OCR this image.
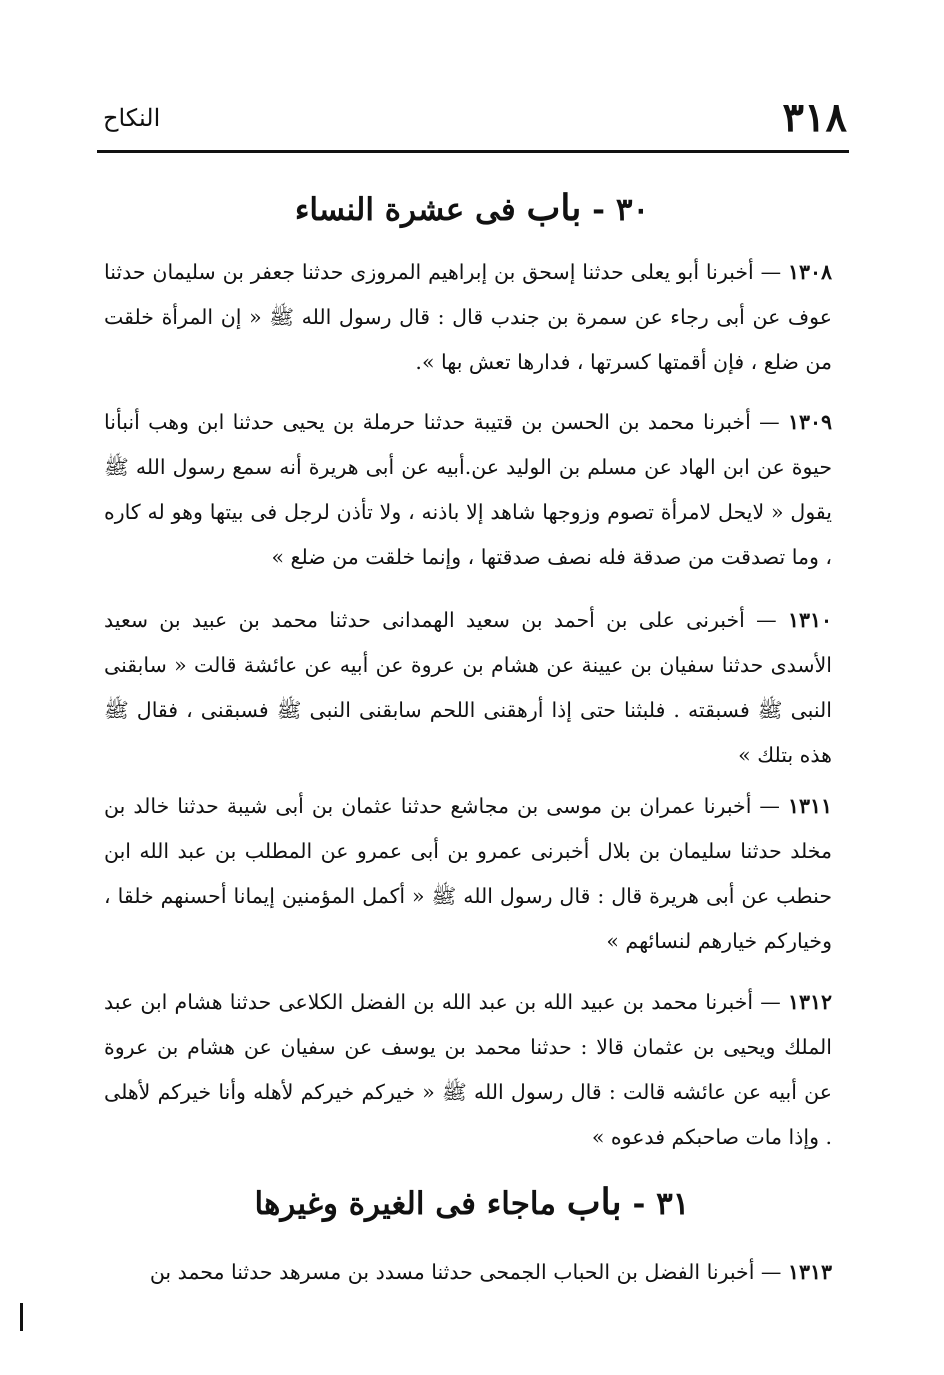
٣١٨
النكاح
٣٠ - باب فى عشرة النساء
١٣٠٨ — أخبرنا أبو يعلى حدثنا إسحق بن إبراهيم المروزى حدثنا جعفر بن سليمان حدثنا عوف عن أبى رجاء عن سمرة بن جندب قال : قال رسول الله ﷺ « إن المرأة خلقت من ضلع ، فإن أقمتها كسرتها ، فدارها تعش بها ».
١٣٠٩ — أخبرنا محمد بن الحسن بن قتيبة حدثنا حرملة بن يحيى حدثنا ابن وهب أنبأنا حيوة عن ابن الهاد عن مسلم بن الوليد عن.أبيه عن أبى هريرة أنه سمع رسول الله ﷺ يقول « لايحل لامرأة تصوم وزوجها شاهد إلا باذنه ، ولا تأذن لرجل فى بيتها وهو له كاره ، وما تصدقت من صدقة فله نصف صدقتها ، وإنما خلقت من ضلع »
١٣١٠ — أخبرنى على بن أحمد بن سعيد الهمدانى حدثنا محمد بن عبيد بن سعيد الأسدى حدثنا سفيان بن عيينة عن هشام بن عروة عن أبيه عن عائشة قالت « سابقنى النبى ﷺ فسبقته . فلبثنا حتى إذا أرهقنى اللحم سابقنى النبى ﷺ فسبقنى ، فقال ﷺ هذه بتلك »
١٣١١ — أخبرنا عمران بن موسى بن مجاشع حدثنا عثمان بن أبى شيبة حدثنا خالد بن مخلد حدثنا سليمان بن بلال أخبرنى عمرو بن أبى عمرو عن المطلب بن عبد الله ابن حنطب عن أبى هريرة قال : قال رسول الله ﷺ « أكمل المؤمنين إيمانا أحسنهم خلقا ، وخياركم خيارهم لنسائهم »
١٣١٢ — أخبرنا محمد بن عبيد الله بن عبد الله بن الفضل الكلاعى حدثنا هشام ابن عبد الملك ويحيى بن عثمان قالا : حدثنا محمد بن يوسف عن سفيان عن هشام بن عروة عن أبيه عن عائشه قالت : قال رسول الله ﷺ « خيركم خيركم لأهله وأنا خيركم لأهلى . وإذا مات صاحبكم فدعوه »
٣١ - باب ماجاء فى الغيرة وغيرها
١٣١٣ — أخبرنا الفضل بن الحباب الجمحى حدثنا مسدد بن مسرهد حدثنا محمد بن
